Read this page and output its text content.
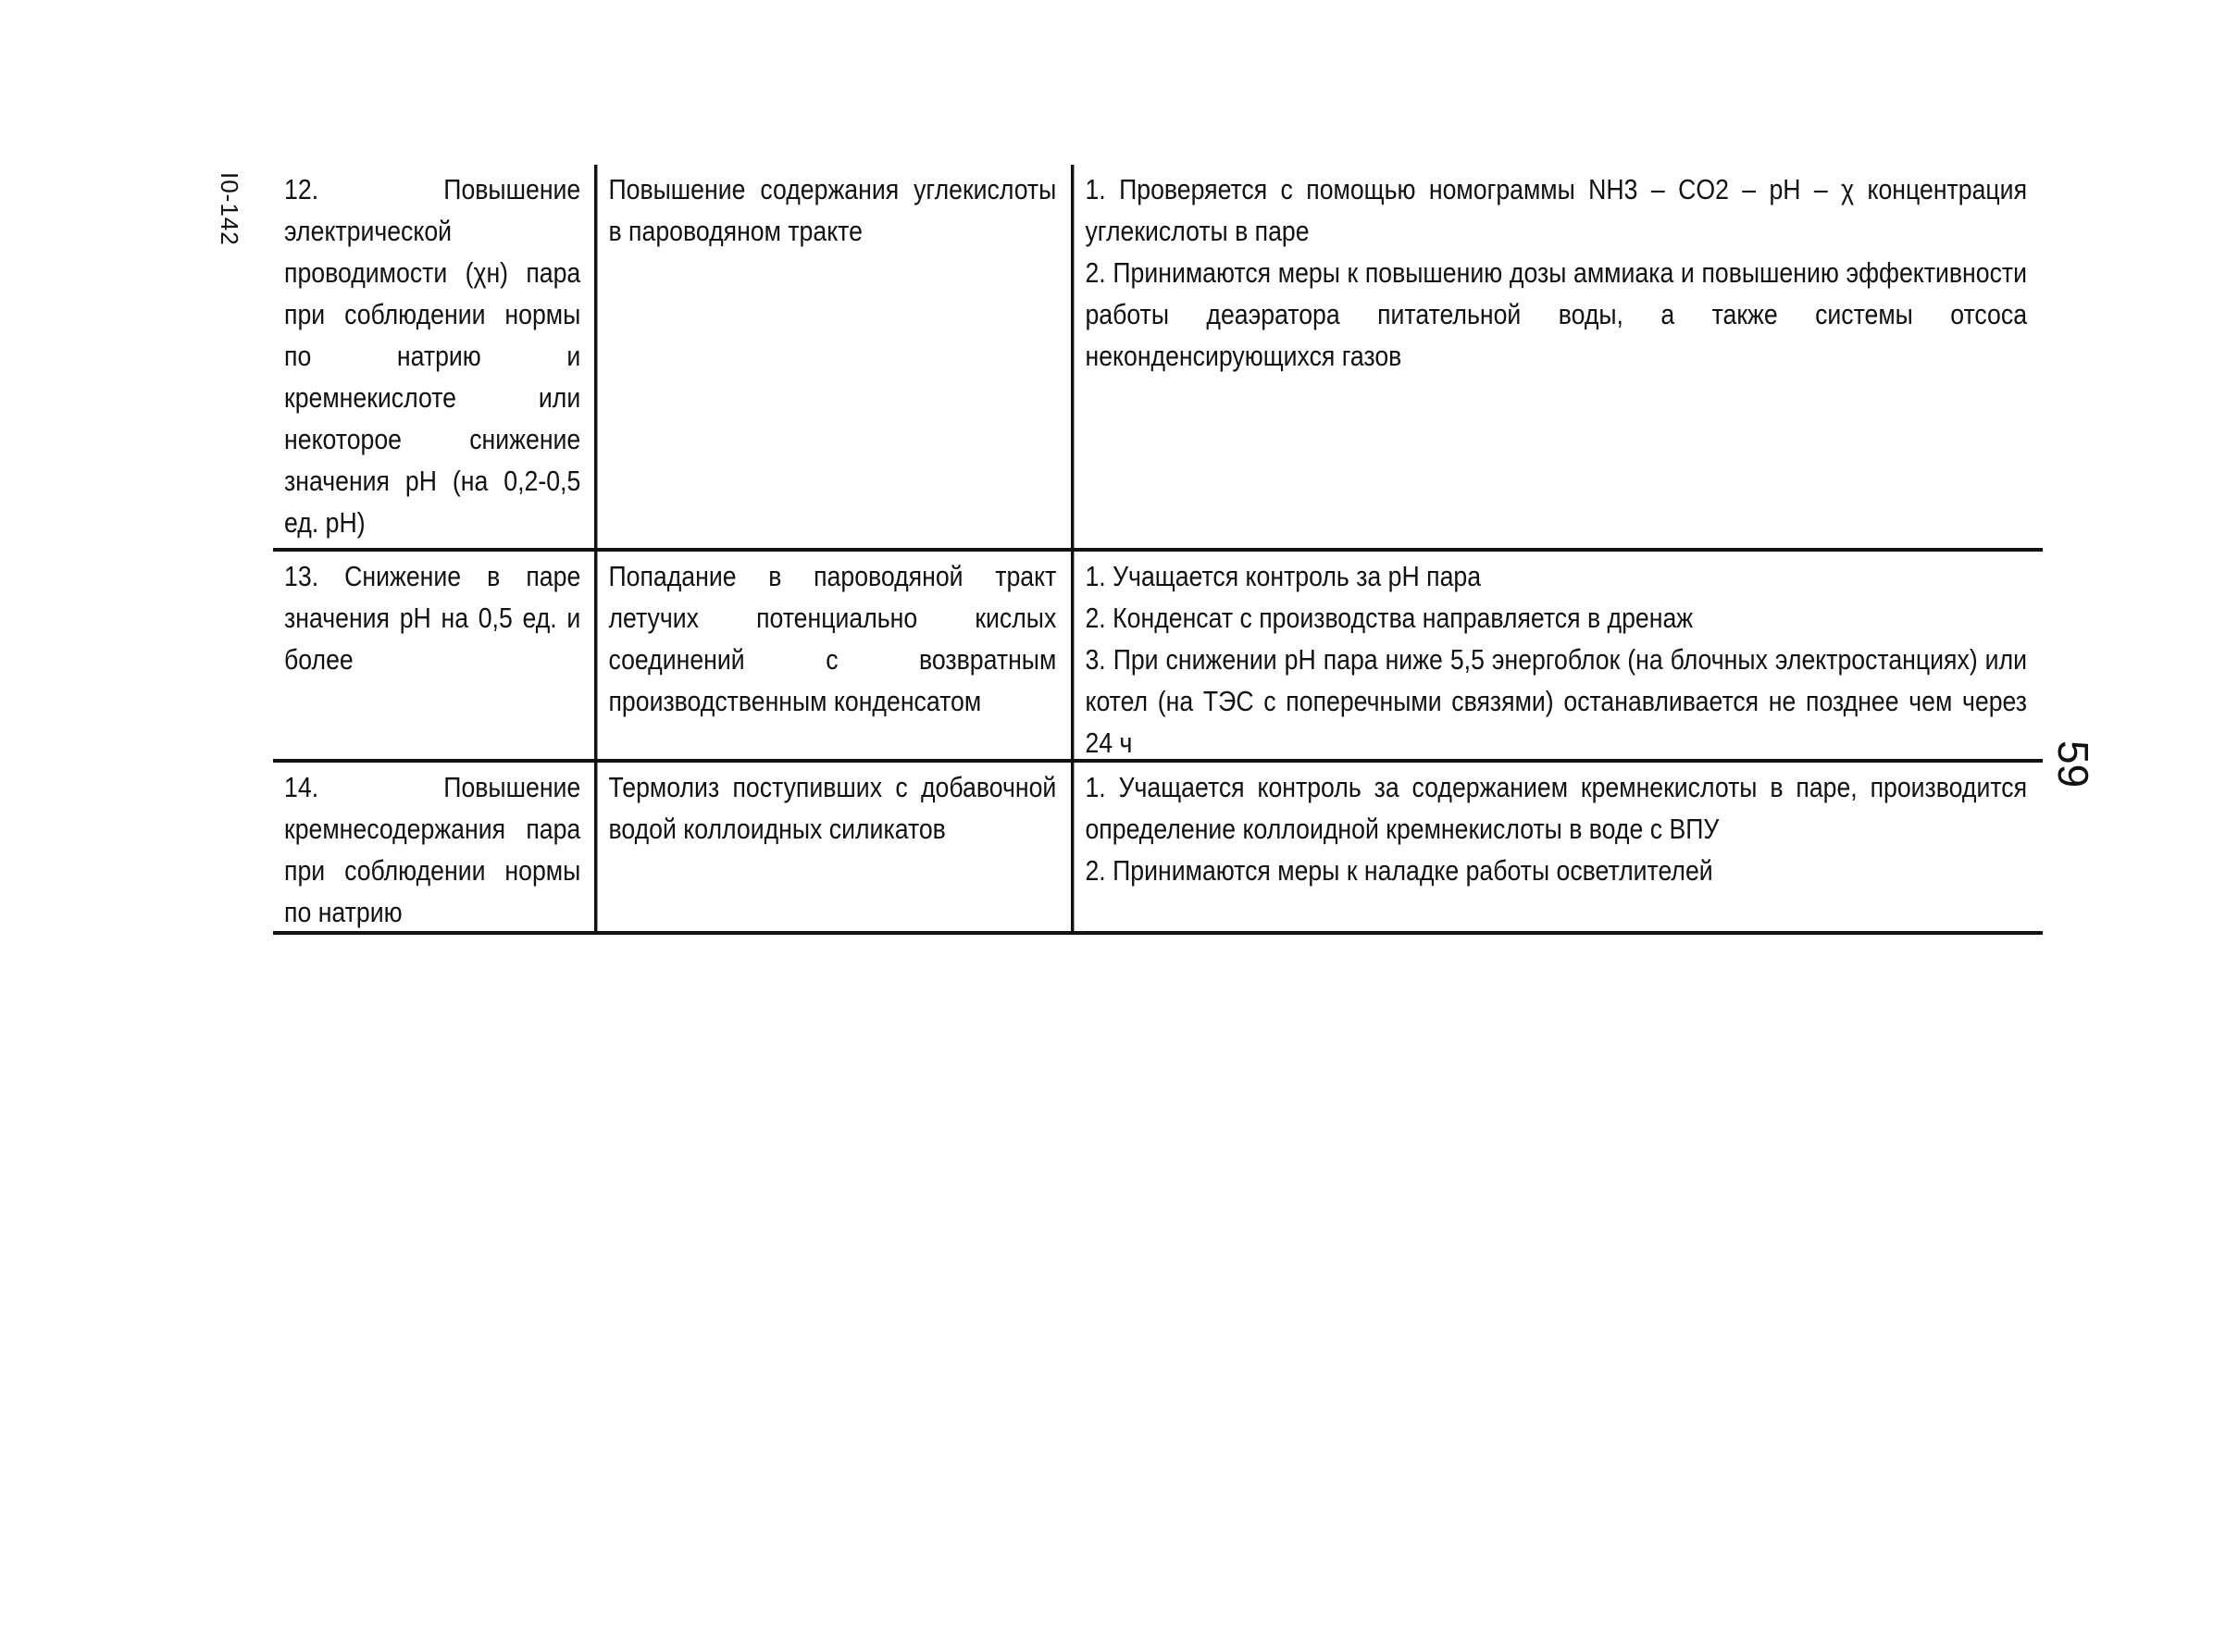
I0-142
59
12. Повышение электрической проводимости (χн) пара при соблюдении нормы по натрию и кремнекислоте или некоторое снижение значения рН (на 0,2-0,5 ед. рН)
Повышение содержания углекислоты в пароводяном тракте
1. Проверяется с помощью номограммы NH3 – CO2 – pH – χ концентрация углекислоты в паре
2. Принимаются меры к повышению дозы аммиака и повышению эффективности работы деаэратора питательной воды, а также системы отсоса неконденсирующихся газов
13. Снижение в паре значения рН на 0,5 ед. и более
Попадание в пароводяной тракт летучих потенциально кислых соединений с возвратным производственным конденсатом
1. Учащается контроль за рН пара
2. Конденсат с производства направляется в дренаж
3. При снижении рН пара ниже 5,5 энергоблок (на блочных электростанциях) или котел (на ТЭС с поперечными связями) останавливается не позднее чем через 24 ч
14. Повышение кремнесодержания пара при соблюдении нормы по натрию
Термолиз поступивших с добавочной водой коллоидных силикатов
1. Учащается контроль за содержанием кремнекислоты в паре, производится определение коллоидной кремнекислоты в воде с ВПУ
2. Принимаются меры к наладке работы осветлителей
